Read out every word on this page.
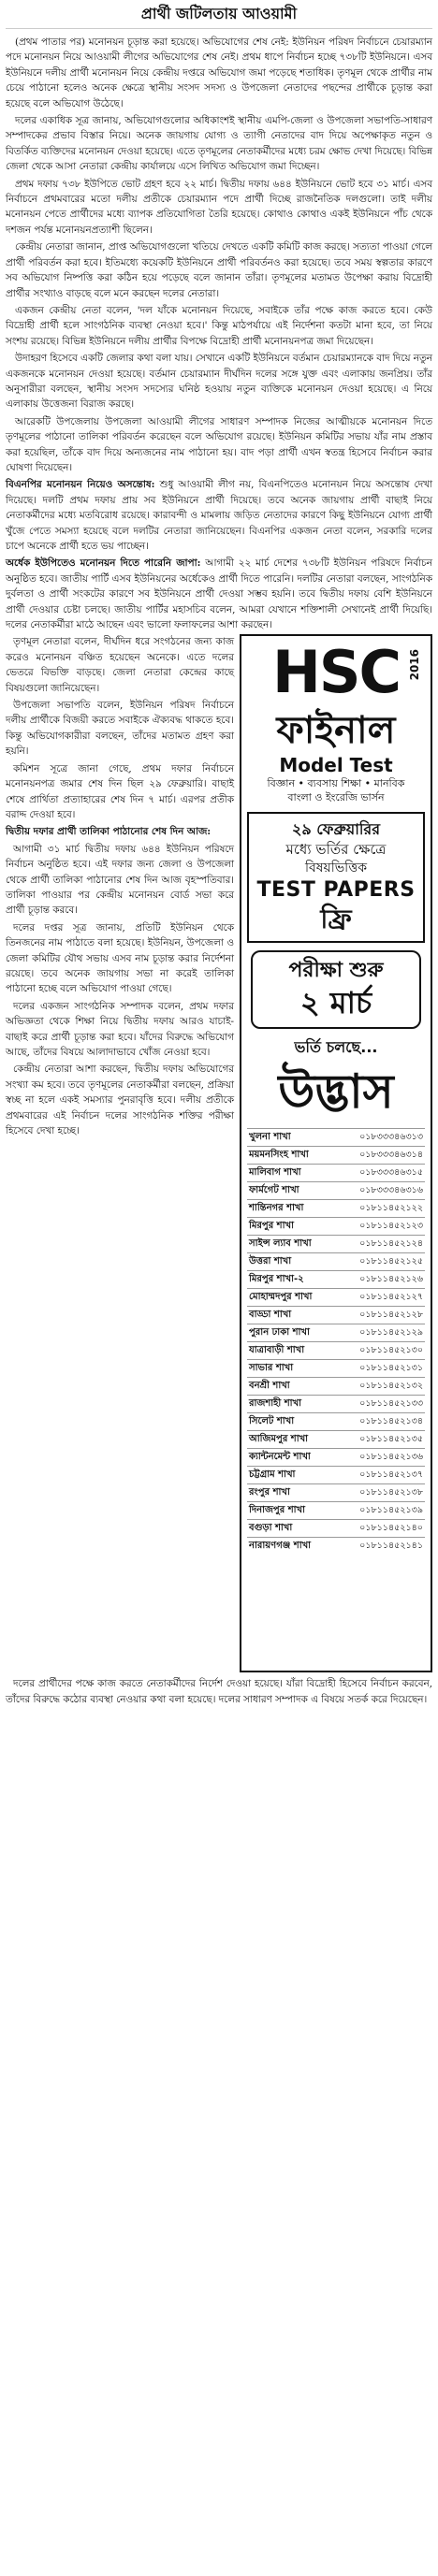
প্রার্থী জটিলতায় আওয়ামী

(প্রথম পাতার পর) মনোনয়ন চূড়ান্ত করা হয়েছে। অভিযোগের শেষ নেই: ইউনিয়ন পরিষদ নির্বাচনে চেয়ারম্যান পদে মনোনয়ন নিয়ে আওয়ামী লীগের অভিযোগের শেষ নেই। প্রথম ধাপে নির্বাচন হচ্ছে ৭৩৮টি ইউনিয়নে। এসব ইউনিয়নে দলীয় প্রার্থী মনোনয়ন নিয়ে কেন্দ্রীয় দপ্তরে অভিযোগ জমা পড়েছে শতাধিক। তৃণমূল থেকে প্রার্থীর নাম চেয়ে পাঠানো হলেও অনেক ক্ষেত্রে স্থানীয় সংসদ সদস্য ও উপজেলা নেতাদের পছন্দের প্রার্থীকে চূড়ান্ত করা হয়েছে বলে অভিযোগ উঠেছে।

দলের একাধিক সূত্র জানায়, অভিযোগগুলোর অধিকাংশই স্থানীয় এমপি-জেলা ও উপজেলা সভাপতি-সাধারণ সম্পাদকের প্রভাব বিস্তার নিয়ে। অনেক জায়গায় যোগ্য ও ত্যাগী নেতাদের বাদ দিয়ে অপেক্ষাকৃত নতুন ও বিতর্কিত ব্যক্তিদের মনোনয়ন দেওয়া হয়েছে। এতে তৃণমূলের নেতাকর্মীদের মধ্যে চরম ক্ষোভ দেখা দিয়েছে। বিভিন্ন জেলা থেকে আসা নেতারা কেন্দ্রীয় কার্যালয়ে এসে লিখিত অভিযোগ জমা দিচ্ছেন।

প্রথম দফায় ৭৩৮ ইউপিতে ভোট গ্রহণ হবে ২২ মার্চ। দ্বিতীয় দফায় ৬৪৪ ইউনিয়নে ভোট হবে ৩১ মার্চ। এসব নির্বাচনে প্রথমবারের মতো দলীয় প্রতীকে চেয়ারম্যান পদে প্রার্থী দিচ্ছে রাজনৈতিক দলগুলো। তাই দলীয় মনোনয়ন পেতে প্রার্থীদের মধ্যে ব্যাপক প্রতিযোগিতা তৈরি হয়েছে। কোথাও কোথাও একই ইউনিয়নে পাঁচ থেকে দশজন পর্যন্ত মনোনয়নপ্রত্যাশী ছিলেন।

কেন্দ্রীয় নেতারা জানান, প্রাপ্ত অভিযোগগুলো খতিয়ে দেখতে একটি কমিটি কাজ করছে। সত্যতা পাওয়া গেলে প্রার্থী পরিবর্তন করা হবে। ইতিমধ্যে কয়েকটি ইউনিয়নে প্রার্থী পরিবর্তনও করা হয়েছে। তবে সময় স্বল্পতার কারণে সব অভিযোগ নিষ্পত্তি করা কঠিন হয়ে পড়েছে বলে জানান তাঁরা। তৃণমূলের মতামত উপেক্ষা করায় বিদ্রোহী প্রার্থীর সংখ্যাও বাড়ছে বলে মনে করছেন দলের নেতারা।

একজন কেন্দ্রীয় নেতা বলেন, 'দল যাঁকে মনোনয়ন দিয়েছে, সবাইকে তাঁর পক্ষে কাজ করতে হবে। কেউ বিদ্রোহী প্রার্থী হলে সাংগঠনিক ব্যবস্থা নেওয়া হবে।' কিন্তু মাঠপর্যায়ে এই নির্দেশনা কতটা মানা হবে, তা নিয়ে সংশয় রয়েছে। বিভিন্ন ইউনিয়নে দলীয় প্রার্থীর বিপক্ষে বিদ্রোহী প্রার্থী মনোনয়নপত্র জমা দিয়েছেন।

উদাহরণ হিসেবে একটি জেলার কথা বলা যায়। সেখানে একটি ইউনিয়নে বর্তমান চেয়ারম্যানকে বাদ দিয়ে নতুন একজনকে মনোনয়ন দেওয়া হয়েছে। বর্তমান চেয়ারম্যান দীর্ঘদিন দলের সঙ্গে যুক্ত এবং এলাকায় জনপ্রিয়। তাঁর অনুসারীরা বলছেন, স্থানীয় সংসদ সদস্যের ঘনিষ্ঠ হওয়ায় নতুন ব্যক্তিকে মনোনয়ন দেওয়া হয়েছে। এ নিয়ে এলাকায় উত্তেজনা বিরাজ করছে।

আরেকটি উপজেলায় উপজেলা আওয়ামী লীগের সাধারণ সম্পাদক নিজের আত্মীয়কে মনোনয়ন দিতে তৃণমূলের পাঠানো তালিকা পরিবর্তন করেছেন বলে অভিযোগ রয়েছে। ইউনিয়ন কমিটির সভায় যাঁর নাম প্রস্তাব করা হয়েছিল, তাঁকে বাদ দিয়ে অন্যজনের নাম পাঠানো হয়। বাদ পড়া প্রার্থী এখন স্বতন্ত্র হিসেবে নির্বাচন করার ঘোষণা দিয়েছেন।

বিএনপির মনোনয়ন নিয়েও অসন্তোষ: শুধু আওয়ামী লীগ নয়, বিএনপিতেও মনোনয়ন নিয়ে অসন্তোষ দেখা দিয়েছে। দলটি প্রথম দফায় প্রায় সব ইউনিয়নে প্রার্থী দিয়েছে। তবে অনেক জায়গায় প্রার্থী বাছাই নিয়ে নেতাকর্মীদের মধ্যে মতবিরোধ রয়েছে। কারাবন্দী ও মামলায় জড়িত নেতাদের কারণে কিছু ইউনিয়নে যোগ্য প্রার্থী খুঁজে পেতে সমস্যা হয়েছে বলে দলটির নেতারা জানিয়েছেন। বিএনপির একজন নেতা বলেন, সরকারি দলের চাপে অনেকে প্রার্থী হতে ভয় পাচ্ছেন।

অর্ধেক ইউপিতেও মনোনয়ন দিতে পারেনি জাপা: আগামী ২২ মার্চ দেশের ৭৩৮টি ইউনিয়ন পরিষদে নির্বাচন অনুষ্ঠিত হবে। জাতীয় পার্টি এসব ইউনিয়নের অর্ধেকেও প্রার্থী দিতে পারেনি। দলটির নেতারা বলছেন, সাংগঠনিক দুর্বলতা ও প্রার্থী সংকটের কারণে সব ইউনিয়নে প্রার্থী দেওয়া সম্ভব হয়নি। তবে দ্বিতীয় দফায় বেশি ইউনিয়নে প্রার্থী দেওয়ার চেষ্টা চলছে। জাতীয় পার্টির মহাসচিব বলেন, আমরা যেখানে শক্তিশালী সেখানেই প্রার্থী দিয়েছি। দলের নেতাকর্মীরা মাঠে আছেন এবং ভালো ফলাফলের আশা করছেন।

তৃণমূল নেতারা বলেন, দীর্ঘদিন ধরে সংগঠনের জন্য কাজ করেও মনোনয়ন বঞ্চিত হয়েছেন অনেকে। এতে দলের ভেতরে বিভক্তি বাড়ছে। জেলা নেতারা কেন্দ্রের কাছে বিষয়গুলো জানিয়েছেন।

উপজেলা সভাপতি বলেন, ইউনিয়ন পরিষদ নির্বাচনে দলীয় প্রার্থীকে বিজয়ী করতে সবাইকে ঐক্যবদ্ধ থাকতে হবে। কিন্তু অভিযোগকারীরা বলছেন, তাঁদের মতামত গ্রহণ করা হয়নি।

কমিশন সূত্রে জানা গেছে, প্রথম দফার নির্বাচনে মনোনয়নপত্র জমার শেষ দিন ছিল ২৯ ফেব্রুয়ারি। বাছাই শেষে প্রার্থিতা প্রত্যাহারের শেষ দিন ৭ মার্চ। এরপর প্রতীক বরাদ্দ দেওয়া হবে।

দ্বিতীয় দফার প্রার্থী তালিকা পাঠানোর শেষ দিন আজ:

আগামী ৩১ মার্চ দ্বিতীয় দফায় ৬৪৪ ইউনিয়ন পরিষদে নির্বাচন অনুষ্ঠিত হবে। এই দফার জন্য জেলা ও উপজেলা থেকে প্রার্থী তালিকা পাঠানোর শেষ দিন আজ বৃহস্পতিবার। তালিকা পাওয়ার পর কেন্দ্রীয় মনোনয়ন বোর্ড সভা করে প্রার্থী চূড়ান্ত করবে।

দলের দপ্তর সূত্র জানায়, প্রতিটি ইউনিয়ন থেকে তিনজনের নাম পাঠাতে বলা হয়েছে। ইউনিয়ন, উপজেলা ও জেলা কমিটির যৌথ সভায় এসব নাম চূড়ান্ত করার নির্দেশনা রয়েছে। তবে অনেক জায়গায় সভা না করেই তালিকা পাঠানো হচ্ছে বলে অভিযোগ পাওয়া গেছে।

দলের একজন সাংগঠনিক সম্পাদক বলেন, প্রথম দফার অভিজ্ঞতা থেকে শিক্ষা নিয়ে দ্বিতীয় দফায় আরও যাচাই-বাছাই করে প্রার্থী চূড়ান্ত করা হবে। যাঁদের বিরুদ্ধে অভিযোগ আছে, তাঁদের বিষয়ে আলাদাভাবে খোঁজ নেওয়া হবে।

কেন্দ্রীয় নেতারা আশা করছেন, দ্বিতীয় দফায় অভিযোগের সংখ্যা কম হবে। তবে তৃণমূলের নেতাকর্মীরা বলছেন, প্রক্রিয়া স্বচ্ছ না হলে একই সমস্যার পুনরাবৃত্তি হবে। দলীয় প্রতীকে প্রথমবারের এই নির্বাচন দলের সাংগঠনিক শক্তির পরীক্ষা হিসেবে দেখা হচ্ছে।

HSC 2016
ফাইনাল
Model Test
বিজ্ঞান • ব্যবসায় শিক্ষা • মানবিক
বাংলা ও ইংরেজি ভার্সন
২৯ ফেব্রুয়ারির
মধ্যে ভর্তির ক্ষেত্রে
বিষয়ভিত্তিক
TEST PAPERS
ফ্রি
পরীক্ষা শুরু
২ মার্চ
ভর্তি চলছে...
উদ্ভাস
খুলনা শাখা	০১৮৩৩৩৪৬৩১৩
ময়মনসিংহ শাখা	০১৮৩৩৩৪৬৩১৪
মালিবাগ শাখা	০১৮৩৩৩৪৬৩১৫
ফার্মগেট শাখা	০১৮৩৩৩৪৬৩১৬
শান্তিনগর শাখা	০১৮১১৪৫২১২২
মিরপুর শাখা	০১৮১১৪৫২১২৩
সাইন্স ল্যাব শাখা	০১৮১১৪৫২১২৪
উত্তরা শাখা	০১৮১১৪৫২১২৫
মিরপুর শাখা-২	০১৮১১৪৫২১২৬
মোহাম্মদপুর শাখা	০১৮১১৪৫২১২৭
বাড্ডা শাখা	০১৮১১৪৫২১২৮
পুরান ঢাকা শাখা	০১৮১১৪৫২১২৯
যাত্রাবাড়ী শাখা	০১৮১১৪৫২১৩০
সাভার শাখা	০১৮১১৪৫২১৩১
বনশ্রী শাখা	০১৮১১৪৫২১৩২
রাজশাহী শাখা	০১৮১১৪৫২১৩৩
সিলেট শাখা	০১৮১১৪৫২১৩৪
আজিমপুর শাখা	০১৮১১৪৫২১৩৫
ক্যান্টনমেন্ট শাখা	০১৮১১৪৫২১৩৬
চট্টগ্রাম শাখা	০১৮১১৪৫২১৩৭
রংপুর শাখা	০১৮১১৪৫২১৩৮
দিনাজপুর শাখা	০১৮১১৪৫২১৩৯
বগুড়া শাখা	০১৮১১৪৫২১৪০
নারায়ণগঞ্জ শাখা	০১৮১১৪৫২১৪১

দলের প্রার্থীদের পক্ষে কাজ করতে নেতাকর্মীদের নির্দেশ দেওয়া হয়েছে। যাঁরা বিদ্রোহী হিসেবে নির্বাচন করবেন, তাঁদের বিরুদ্ধে কঠোর ব্যবস্থা নেওয়ার কথা বলা হয়েছে। দলের সাধারণ সম্পাদক এ বিষয়ে সতর্ক করে দিয়েছেন।
